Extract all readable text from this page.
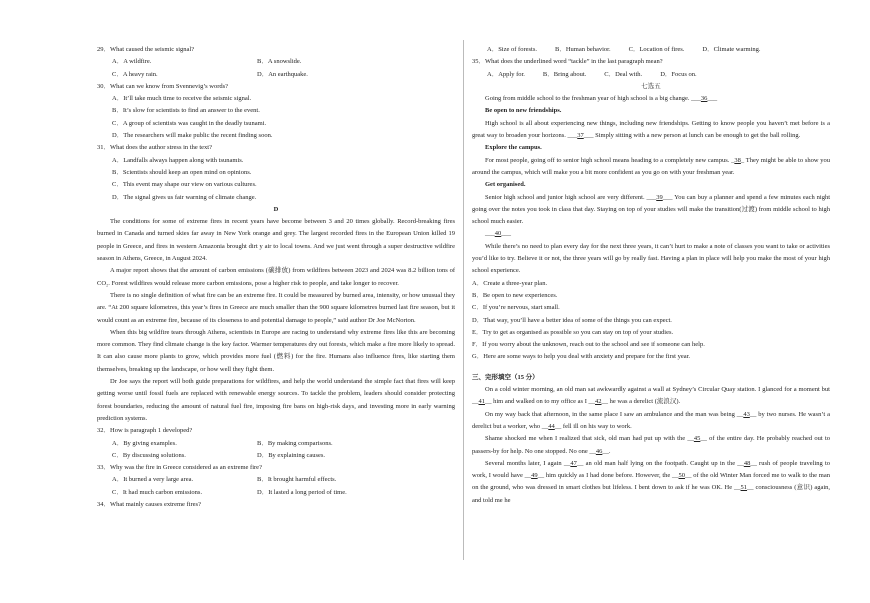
29．What caused the seismic signal?

A．A wildfire.	B．A snowslide.
C．A heavy rain.	D．An earthquake.

30．What can we know from Svennevig’s words?

A．It’ll take much time to receive the seismic signal.

B．It’s slow for scientists to find an answer to the event.

C．A group of scientists was caught in the deadly tsunami.

D．The researchers will make public the recent finding soon.

31．What does the author stress in the text?

A．Landfalls always happen along with tsunamis.

B．Scientists should keep an open mind on opinions.

C．This event may shape our view on various cultures.

D．The signal gives us fair warning of climate change.

D

The conditions for some of extreme fires in recent years have become between 3 and 20 times globally. Record-breaking fires burned in Canada and turned skies far away in New York orange and grey. The largest recorded fires in the European Union killed 19 people in Greece, and fires in western Amazonia brought dirt y air to local towns. And we just went through a super destructive wildfire season in Athens, Greece, in August 2024.

A major report shows that the amount of carbon emissions (碳排放) from wildfires between 2023 and 2024 was 8.2 billion tons of CO₂. Forest wildfires would release more carbon emissions, pose a higher risk to people, and take longer to recover.

There is no single definition of what fire can be an extreme fire. It could be measured by burned area, intensity, or how unusual they are. “At 200 square kilometres, this year’s fires in Greece are much smaller than the 900 square kilometres burned last fire season, but it would count as an extreme fire, because of its closeness to and potential damage to people,” said author Dr Joe McNorton.

When this big wildfire tears through Athens, scientists in Europe are racing to understand why extreme fires like this are becoming more common. They find climate change is the key factor. Warmer temperatures dry out forests, which make a fire more likely to spread. It can also cause more plants to grow, which provides more fuel (燃料) for the fire. Humans also influence fires, like starting them themselves, breaking up the landscape, or how well they fight them.

Dr Joe says the report will both guide preparations for wildfires, and help the world understand the simple fact that fires will keep getting worse until fossil fuels are replaced with renewable energy sources. To tackle the problem, leaders should consider protecting forest boundaries, reducing the amount of natural fuel fire, imposing fire bans on high-risk days, and investing more in early warning prediction systems.

32．How is paragraph 1 developed?

A．By giving examples.	B．By making comparisons.
C．By discussing solutions.	D．By explaining causes.

33．Why was the fire in Greece considered as an extreme fire?

A．It burned a very large area.	B．It brought harmful effects.
C．It had much carbon emissions.	D．It lasted a long period of time.

34．What mainly causes extreme fires?

A．Size of forests.	B．Human behavior.	C．Location of fires.	D．Climate warming.

35．What does the underlined word “tackle” in the last paragraph mean?

A．Apply for.	B．Bring about.	C．Deal with.	D．Focus on.

七选五

Going from middle school to the freshman year of high school is a big change. ___36___

Be open to new friendships.

High school is all about experiencing new things, including new friendships. Getting to know people you haven’t met before is a great way to broaden your horizons. ___37___ Simply sitting with a new person at lunch can be enough to get the ball rolling.

Explore the campus.

For most people, going off to senior high school means heading to a completely new campus. _38_ They might be able to show you around the campus, which will make you a bit more confident as you go on with your freshman year.

Get organised.

Senior high school and junior high school are very different. ___39___ You can buy a planner and spend a few minutes each night going over the notes you took in class that day. Staying on top of your studies will make the transition(过渡) from middle school to high school much easier.

___40___

While there’s no need to plan every day for the next three years, it can’t hurt to make a note of classes you want to take or activities you’d like to try. Believe it or not, the three years will go by really fast. Having a plan in place will help you make the most of your high school experience.

A．Create a three-year plan.

B．Be open to new experiences.

C．If you’re nervous, start small.

D．That way, you’ll have a better idea of some of the things you can expect.

E．Try to get as organised as possible so you can stay on top of your studies.

F．If you worry about the unknown, reach out to the school and see if someone can help.

G．Here are some ways to help you deal with anxiety and prepare for the first year.

三、完形填空（15 分）

On a cold winter morning, an old man sat awkwardly against a wall at Sydney’s Circular Quay station. I glanced for a moment but __41__ him and walked on to my office as I __42__ he was a derelict (流浪汉).

On my way back that afternoon, in the same place I saw an ambulance and the man was being __43__ by two nurses. He wasn’t a derelict but a worker, who __44__ fell ill on his way to work.

Shame shocked me when I realized that sick, old man had put up with the __45__ of the entire day. He probably reached out to passers-by for help. No one stopped. No one __46__.

Several months later, I again __47__ an old man half lying on the footpath. Caught up in the __48__ rush of people traveling to work, I would have __49__ him quickly as I had done before. However, the __50__ of the old Winter Man forced me to walk to the man on the ground, who was dressed in smart clothes but lifeless. I bent down to ask if he was OK. He __51__ consciousness (意识) again, and told me he
